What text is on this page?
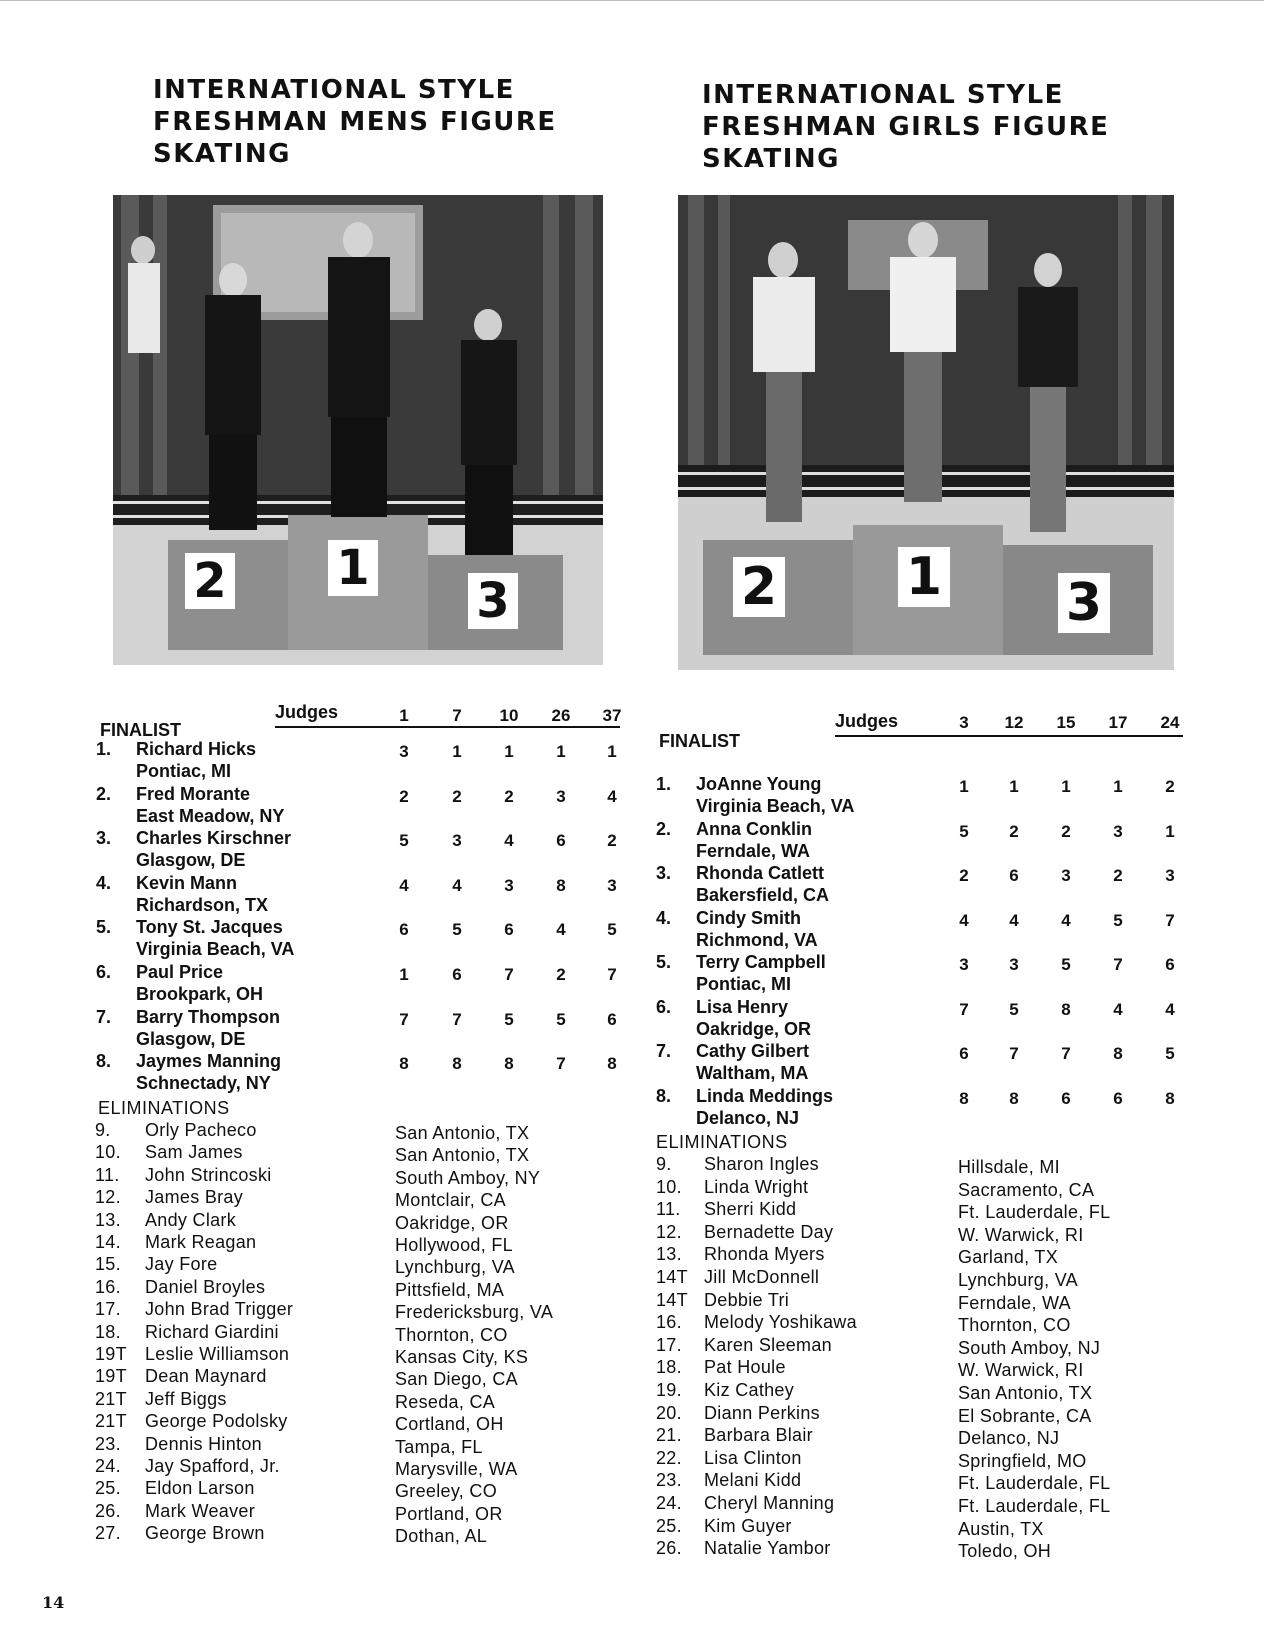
INTERNATIONAL STYLE
FRESHMAN MENS FIGURE
SKATING
INTERNATIONAL STYLE
FRESHMAN GIRLS FIGURE
SKATING
2 1
3	2 1 3
Judges	1	7	10	26	37
FINALIST
1. Richard Hicks
Pontiac, MI
3	1	1	1	1
2. Fred Morante
East Meadow, NY
2	2	2	3	4
3. Charles Kirschner
Glasgow, DE
5	3	4	6	2
4. Kevin Mann
Richardson, TX
4	4	3	8	3
5. Tony St. Jacques
Virginia Beach, VA
6	5	6	4	5
6. Paul Price
Brookpark, OH
1	6	7	2	7
7. Barry Thompson
Glasgow, DE
7	7	5	5	6
8. Jaymes Manning
Schnectady, NY
8	8	8	7	8
ELIMINATIONS
9. Orly Pacheco	San Antonio, TX
10. Sam James	San Antonio, TX
11. John Strincoski	South Amboy, NY
12. James Bray	Montclair, CA
13. Andy Clark	Oakridge, OR
14. Mark Reagan	Hollywood, FL
15. Jay Fore	Lynchburg, VA
16. Daniel Broyles	Pittsfield, MA
17. John Brad Trigger	Fredericksburg, VA
18. Richard Giardini	Thornton, CO
19T Leslie Williamson	Kansas City, KS
19T Dean Maynard	San Diego, CA
21T Jeff Biggs	Reseda, CA
21T George Podolsky	Cortland, OH
23. Dennis Hinton	Tampa, FL
24. Jay Spafford, Jr.	Marysville, WA
25. Eldon Larson	Greeley, CO
26. Mark Weaver	Portland, OR
27. George Brown	Dothan, AL
Judges	3	12	15	17	24
FINALIST
1. JoAnne Young
Virginia Beach, VA
1	1	1	1	2
2. Anna Conklin
Ferndale, WA
5	2	2	3	1
3. Rhonda Catlett
Bakersfield, CA
2	6	3	2	3
4. Cindy Smith
Richmond, VA
4	4	4	5	7
5. Terry Campbell
Pontiac, MI
3	3	5	7	6
6. Lisa Henry
Oakridge, OR
7	5	8	4	4
7. Cathy Gilbert
Waltham, MA
6	7	7	8	5
8. Linda Meddings
Delanco, NJ
8	8	6	6	8
ELIMINATIONS
9. Sharon Ingles	Hillsdale, MI
10. Linda Wright	Sacramento, CA
11. Sherri Kidd	Ft. Lauderdale, FL
12. Bernadette Day	W. Warwick, RI
13. Rhonda Myers	Garland, TX
14T Jill McDonnell	Lynchburg, VA
14T Debbie Tri	Ferndale, WA
16. Melody Yoshikawa	Thornton, CO
17. Karen Sleeman	South Amboy, NJ
18. Pat Houle	W. Warwick, RI
19. Kiz Cathey	San Antonio, TX
20. Diann Perkins	El Sobrante, CA
21. Barbara Blair	Delanco, NJ
22. Lisa Clinton	Springfield, MO
23. Melani Kidd	Ft. Lauderdale, FL
24. Cheryl Manning	Ft. Lauderdale, FL
25. Kim Guyer	Austin, TX
26. Natalie Yambor	Toledo, OH
14
